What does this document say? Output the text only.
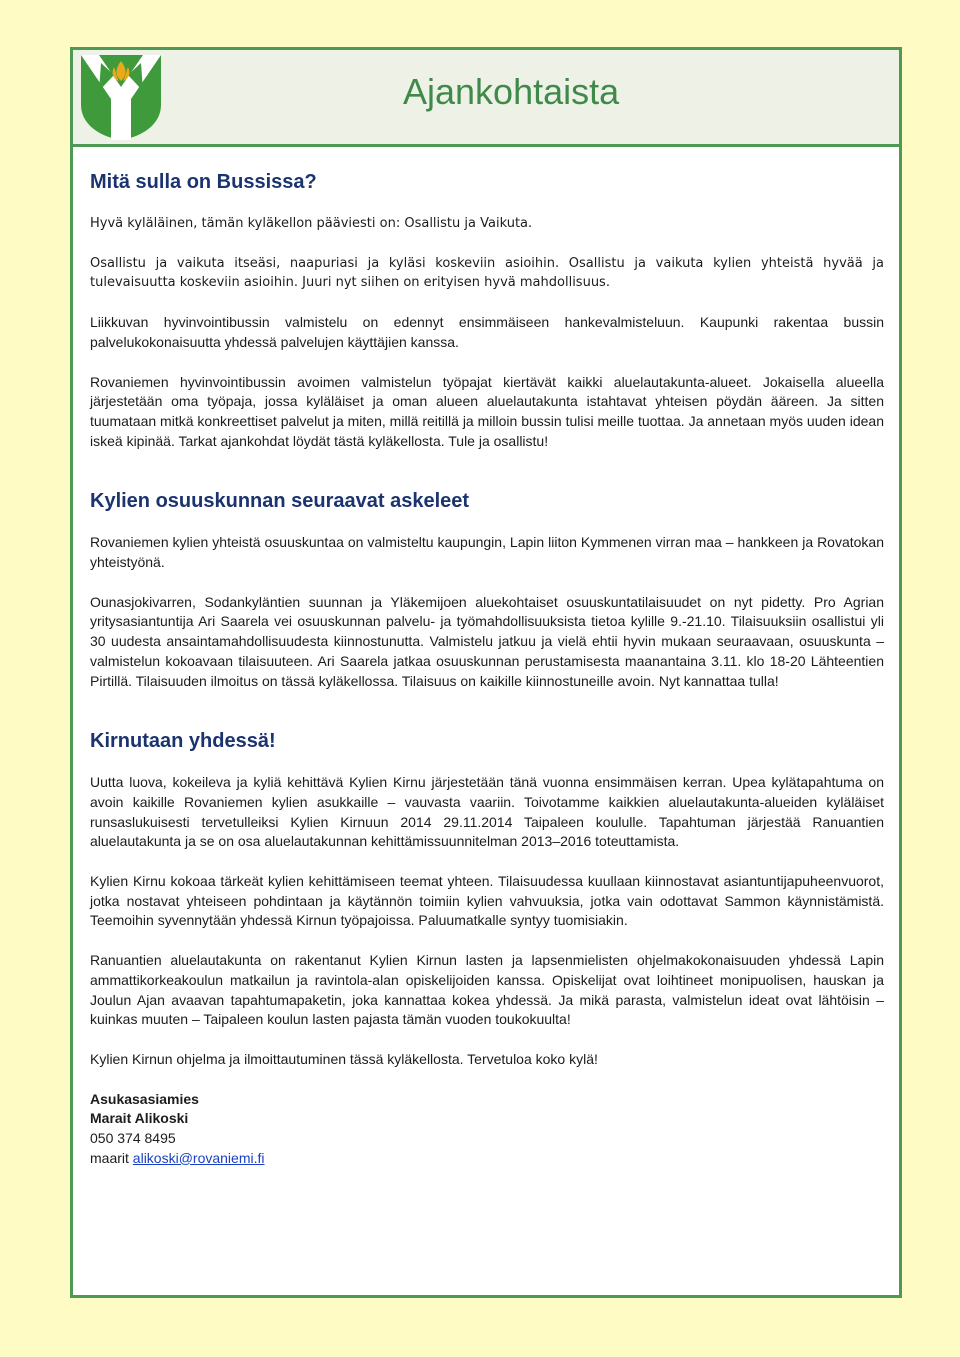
Ajankohtaista
Mitä sulla on Bussissa?

Hyvä kyläläinen, tämän kyläkellon pääviesti on: Osallistu ja Vaikuta.

Osallistu ja vaikuta itseäsi, naapuriasi ja kyläsi koskeviin asioihin. Osallistu ja vaikuta kylien yhteistä hyvää ja tulevaisuutta koskeviin asioihin. Juuri nyt siihen on erityisen hyvä mahdollisuus.

Liikkuvan hyvinvointibussin valmistelu on edennyt ensimmäiseen hankevalmisteluun. Kaupunki rakentaa bussin palvelukokonaisuutta yhdessä palvelujen käyttäjien kanssa.

Rovaniemen hyvinvointibussin avoimen valmistelun työpajat kiertävät kaikki aluelautakunta-alueet. Jokaisella alueella järjestetään oma työpaja, jossa kyläläiset ja oman alueen aluelautakunta istahtavat yhteisen pöydän ääreen. Ja sitten tuumataan mitkä konkreettiset palvelut ja miten, millä reitillä ja milloin bussin tulisi meille tuottaa. Ja annetaan myös uuden idean iskeä kipinää. Tarkat ajankohdat löydät tästä kyläkellosta. Tule ja osallistu!

Kylien osuuskunnan seuraavat askeleet

Rovaniemen kylien yhteistä osuuskuntaa on valmisteltu kaupungin, Lapin liiton Kymmenen virran maa – hankkeen ja Rovatokan yhteistyönä.

Ounasjokivarren, Sodankyläntien suunnan ja Yläkemijoen aluekohtaiset osuuskuntatilaisuudet on nyt pidetty. Pro Agrian yritysasiantuntija Ari Saarela vei osuuskunnan palvelu- ja työmahdollisuuksista tietoa kylille 9.-21.10. Tilaisuuksiin osallistui yli 30 uudesta ansaintamahdollisuudesta kiinnostunutta. Valmistelu jatkuu ja vielä ehtii hyvin mukaan seuraavaan, osuuskunta – valmistelun kokoavaan tilaisuuteen. Ari Saarela jatkaa osuuskunnan perustamisesta maanantaina 3.11. klo 18-20 Lähteentien Pirtillä. Tilaisuuden ilmoitus on tässä kyläkellossa. Tilaisuus on kaikille kiinnostuneille avoin. Nyt kannattaa tulla!

Kirnutaan yhdessä!

Uutta luova, kokeileva ja kyliä kehittävä Kylien Kirnu järjestetään tänä vuonna ensimmäisen kerran. Upea kylätapahtuma on avoin kaikille Rovaniemen kylien asukkaille – vauvasta vaariin. Toivotamme kaikkien aluelautakunta-alueiden kyläläiset runsaslukuisesti tervetulleiksi Kylien Kirnuun 2014 29.11.2014 Taipaleen koululle. Tapahtuman järjestää Ranuantien aluelautakunta ja se on osa aluelautakunnan kehittämissuunnitelman 2013–2016 toteuttamista.

Kylien Kirnu kokoaa tärkeät kylien kehittämiseen teemat yhteen. Tilaisuudessa kuullaan kiinnostavat asiantuntijapuheenvuorot, jotka nostavat yhteiseen pohdintaan ja käytännön toimiin kylien vahvuuksia, jotka vain odottavat Sammon käynnistämistä. Teemoihin syvennytään yhdessä Kirnun työpajoissa. Paluumatkalle syntyy tuomisiakin.

Ranuantien aluelautakunta on rakentanut Kylien Kirnun lasten ja lapsenmielisten ohjelmakokonaisuuden yhdessä Lapin ammattikorkeakoulun matkailun ja ravintola-alan opiskelijoiden kanssa. Opiskelijat ovat loihtineet monipuolisen, hauskan ja Joulun Ajan avaavan tapahtumapaketin, joka kannattaa kokea yhdessä. Ja mikä parasta, valmistelun ideat ovat lähtöisin – kuinkas muuten – Taipaleen koulun lasten pajasta tämän vuoden toukokuulta!

Kylien Kirnun ohjelma ja ilmoittautuminen tässä kyläkellosta. Tervetuloa koko kylä!

Asukasasiamies

Marait Alikoski

050 374 8495

maarit alikoski@rovaniemi.fi
